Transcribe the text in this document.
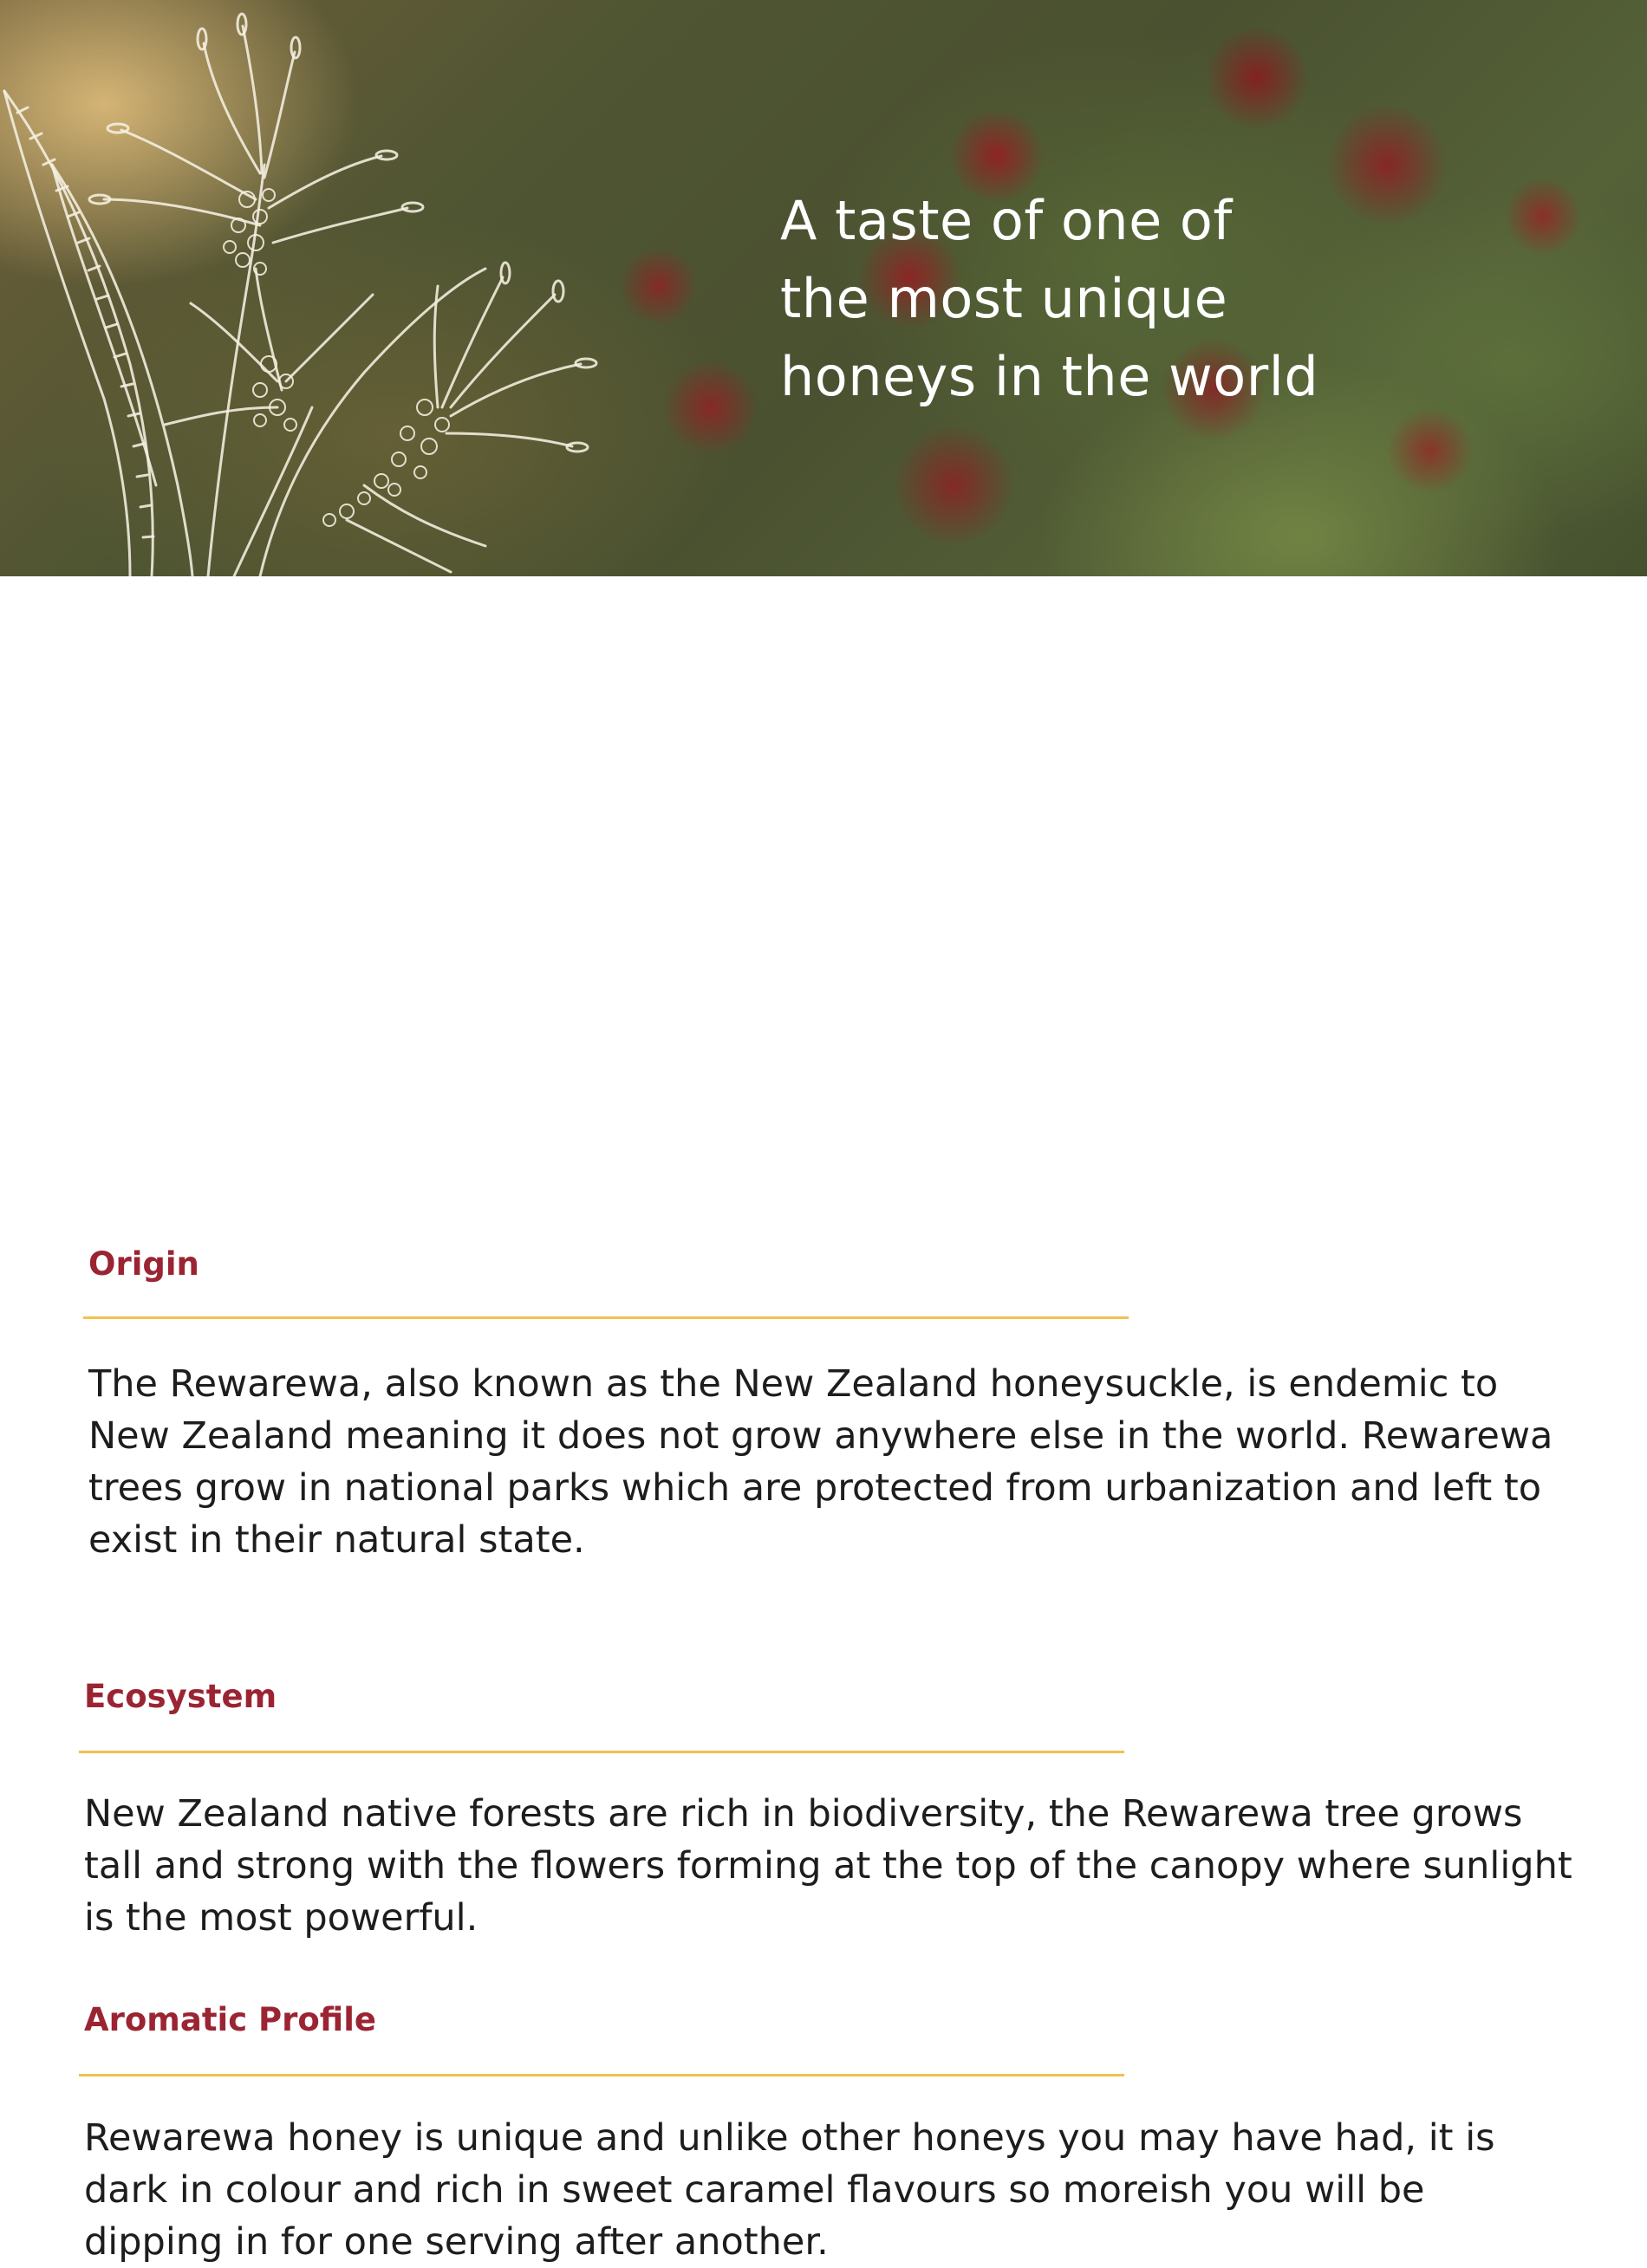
A taste of one of
the most unique
honeys in the world
Origin

The Rewarewa, also known as the New Zealand honeysuckle, is endemic to New Zealand meaning it does not grow anywhere else in the world. Rewarewa trees grow in national parks which are protected from urbanization and left to exist in their natural state.

Ecosystem

New Zealand native forests are rich in biodiversity, the Rewarewa tree grows tall and strong with the flowers forming at the top of the canopy where sunlight is the most powerful.

Aromatic Profile

Rewarewa honey is unique and unlike other honeys you may have had, it is dark in colour and rich in sweet caramel flavours so moreish you will be dipping in for one serving after another.
